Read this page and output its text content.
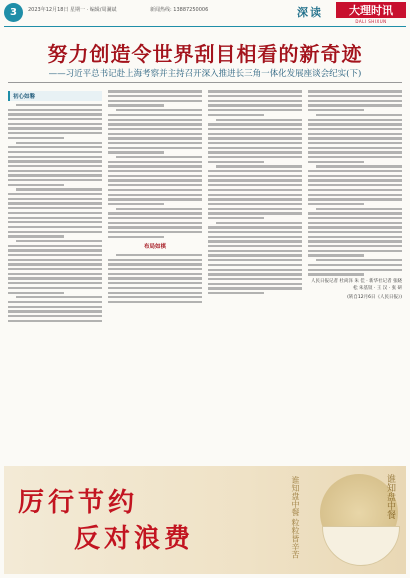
3	2023年12月18日 星期一 · 编辑/周澜斌	新闻热线: 13887250006	深读	大理时讯
DALI SHIXUN
努力创造令世界刮目相看的新奇迹
——习近平总书记赴上海考察并主持召开深入推进长三角一体化发展座谈会纪实(下)
初心如磐
布局如棋
人民日报记者 杜尚泽 朱 佳 · 新华社记者 张晓松 朱基钗 · 王 汉 · 张 研
(转自12月6日《人民日报》)
厉行节约
反对浪费	谁知盘中餐 粒粒皆辛苦	谁知盘中餐
